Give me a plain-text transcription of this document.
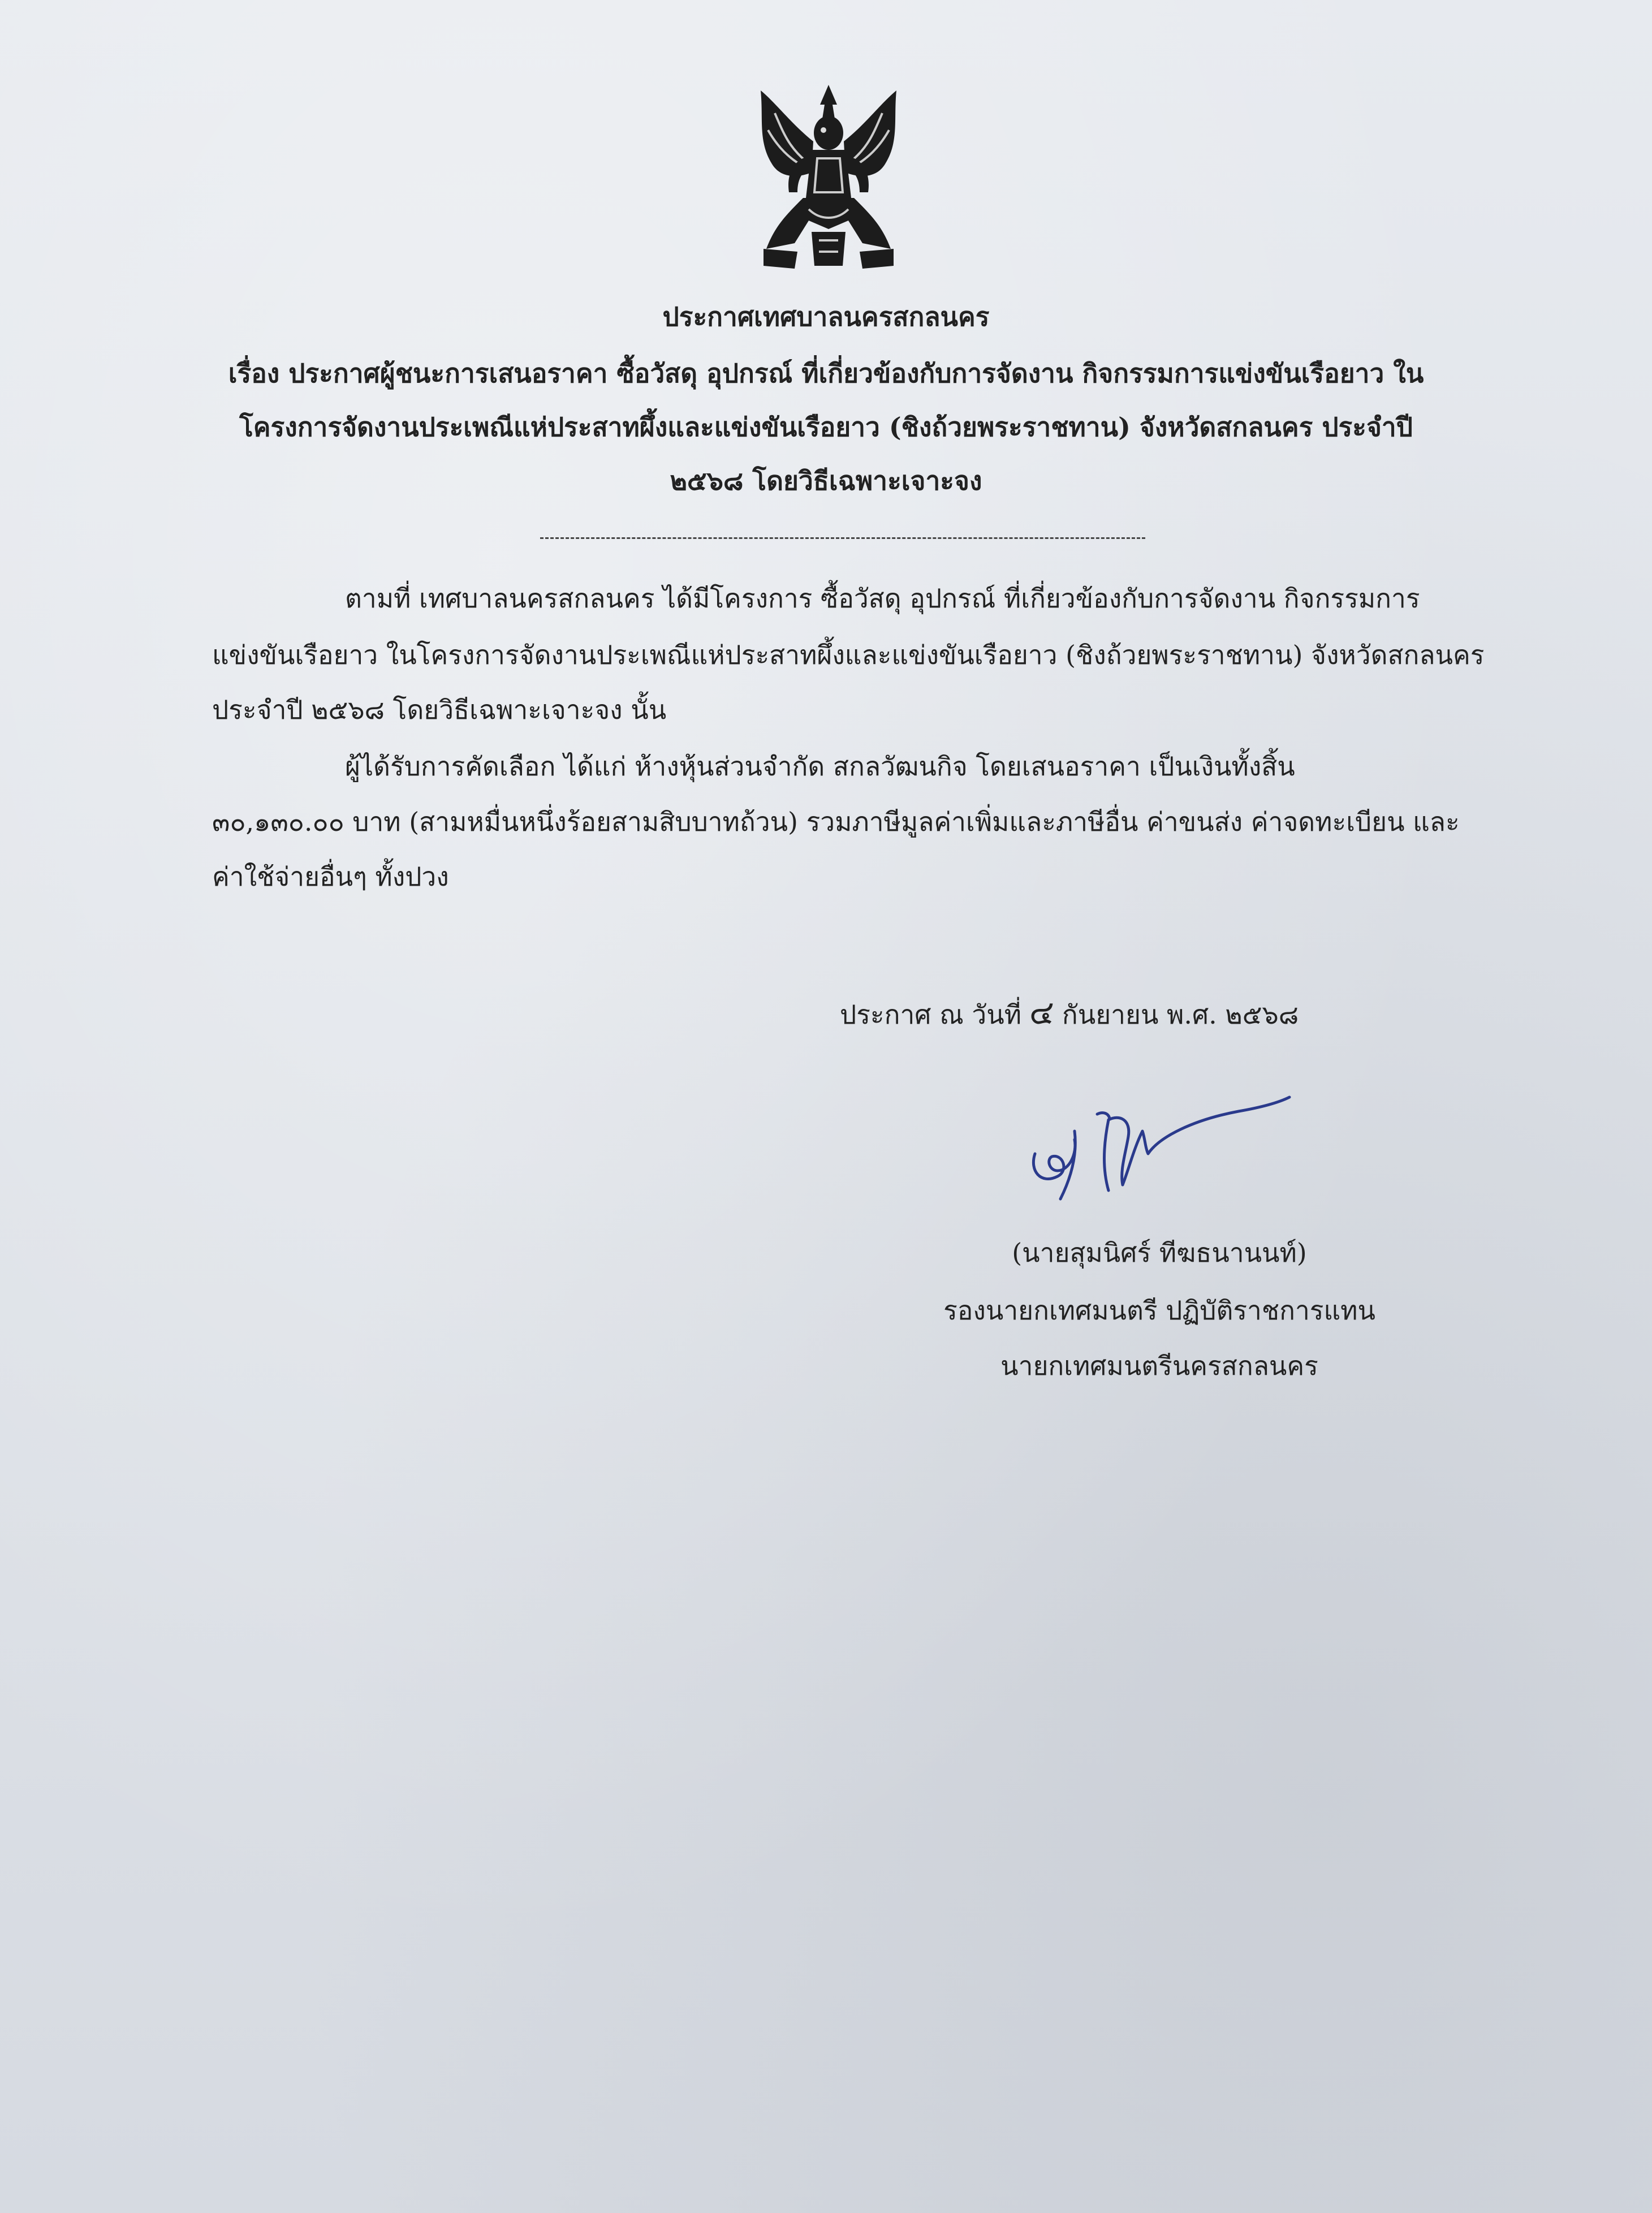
ประกาศเทศบาลนครสกลนคร
เรื่อง ประกาศผู้ชนะการเสนอราคา ซื้อวัสดุ อุปกรณ์ ที่เกี่ยวข้องกับการจัดงาน กิจกรรมการแข่งขันเรือยาว ใน
โครงการจัดงานประเพณีแห่ประสาทผึ้งและแข่งขันเรือยาว (ชิงถ้วยพระราชทาน) จังหวัดสกลนคร ประจำปี
๒๕๖๘ โดยวิธีเฉพาะเจาะจง
ตามที่ เทศบาลนครสกลนคร ได้มีโครงการ ซื้อวัสดุ อุปกรณ์ ที่เกี่ยวข้องกับการจัดงาน กิจกรรมการ
แข่งขันเรือยาว ในโครงการจัดงานประเพณีแห่ประสาทผึ้งและแข่งขันเรือยาว (ชิงถ้วยพระราชทาน) จังหวัดสกลนคร
ประจำปี ๒๕๖๘ โดยวิธีเฉพาะเจาะจง นั้น
ผู้ได้รับการคัดเลือก ได้แก่ ห้างหุ้นส่วนจำกัด สกลวัฒนกิจ โดยเสนอราคา เป็นเงินทั้งสิ้น
๓๐,๑๓๐.๐๐ บาท (สามหมื่นหนึ่งร้อยสามสิบบาทถ้วน) รวมภาษีมูลค่าเพิ่มและภาษีอื่น ค่าขนส่ง ค่าจดทะเบียน และ
ค่าใช้จ่ายอื่นๆ ทั้งปวง
ประกาศ ณ วันที่ ๔ กันยายน พ.ศ. ๒๕๖๘
(นายสุมนิศร์ ทีฆธนานนท์)
รองนายกเทศมนตรี ปฏิบัติราชการแทน
นายกเทศมนตรีนครสกลนคร
